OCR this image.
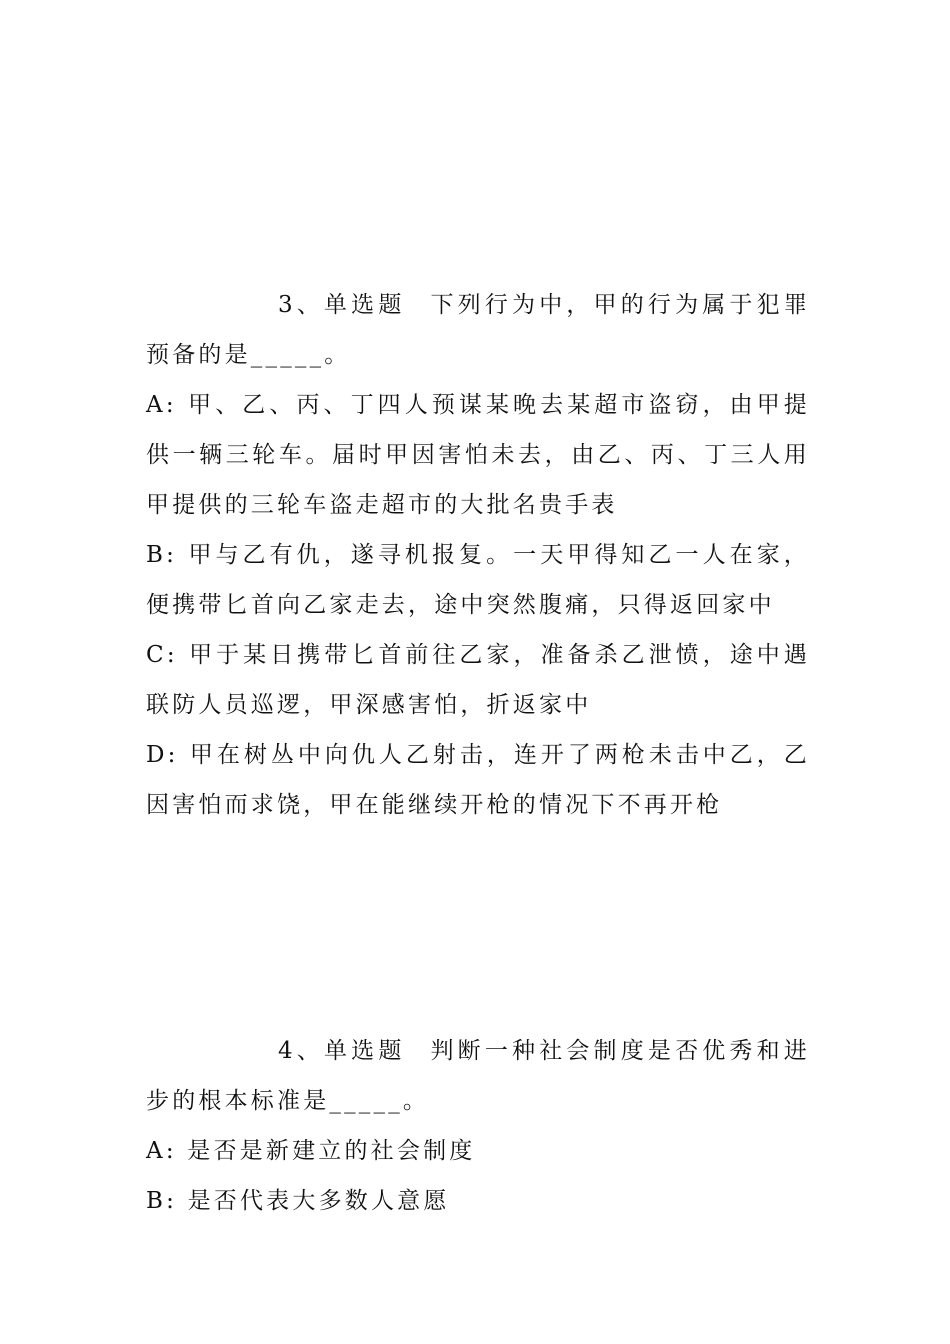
3、单选题 下列行为中，甲的行为属于犯罪预备的是_____。

A: 甲、乙、丙、丁四人预谋某晚去某超市盗窃，由甲提供一辆三轮车。届时甲因害怕未去，由乙、丙、丁三人用甲提供的三轮车盗走超市的大批名贵手表

B: 甲与乙有仇，遂寻机报复。一天甲得知乙一人在家，便携带匕首向乙家走去，途中突然腹痛，只得返回家中

C: 甲于某日携带匕首前往乙家，准备杀乙泄愤，途中遇联防人员巡逻，甲深感害怕，折返家中

D: 甲在树丛中向仇人乙射击，连开了两枪未击中乙，乙因害怕而求饶，甲在能继续开枪的情况下不再开枪

4、单选题 判断一种社会制度是否优秀和进步的根本标准是_____。

A: 是否是新建立的社会制度

B: 是否代表大多数人意愿
